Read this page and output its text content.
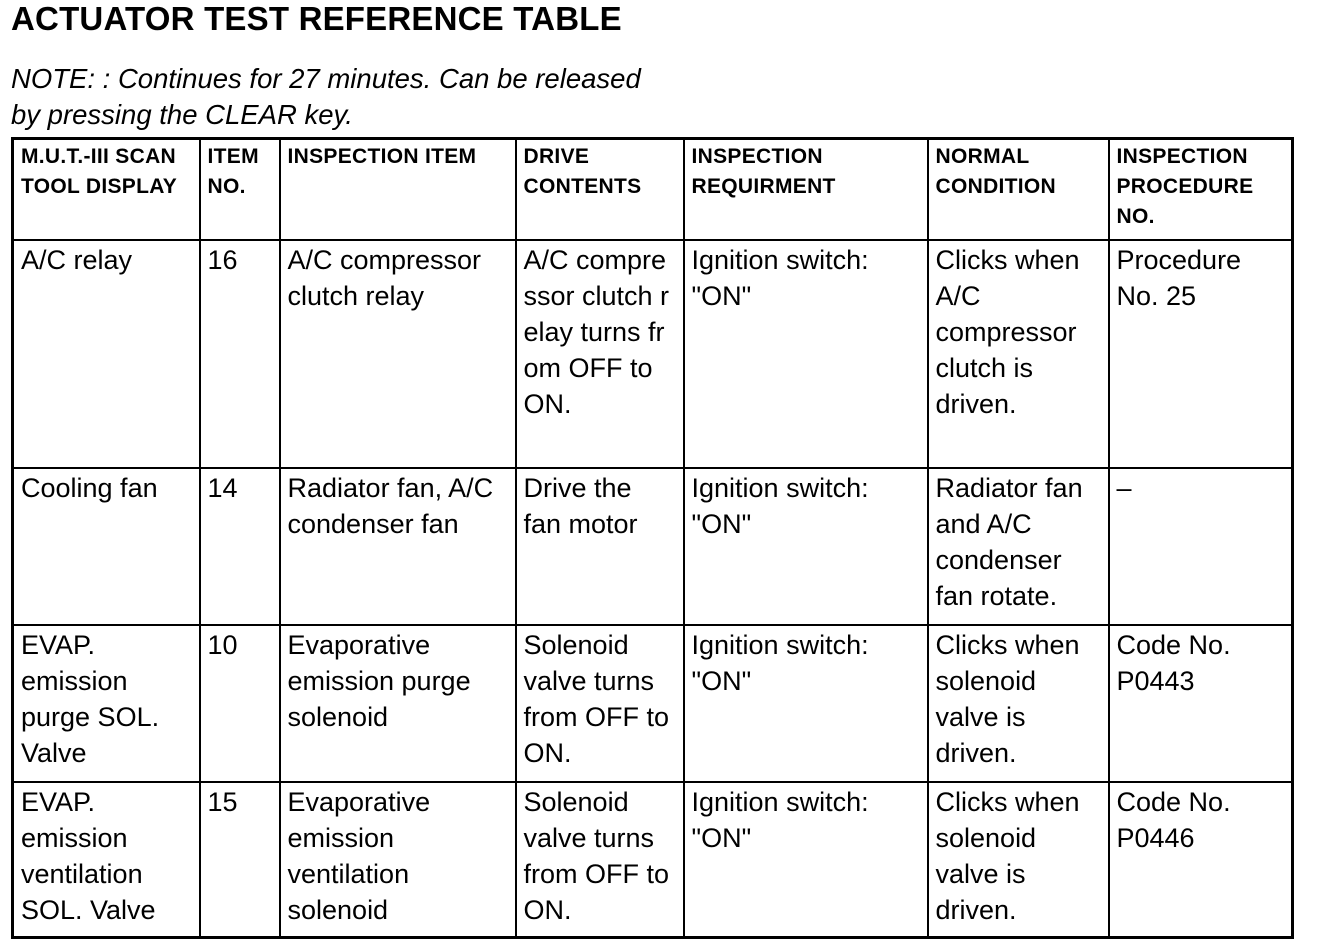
ACTUATOR TEST REFERENCE TABLE
NOTE: : Continues for 27 minutes. Can be released
by pressing the CLEAR key.
M.U.T.-III SCAN TOOL DISPLAY	ITEM NO.	INSPECTION ITEM	DRIVE CONTENTS	INSPECTION REQUIRMENT	NORMAL CONDITION	INSPECTION PROCEDURE NO.
A/C relay	16	A/C compressor clutch relay	A/C compressor clutch relay turns from OFF to ON.	Ignition switch: "ON"	Clicks when A/C compressor clutch is driven.	Procedure No. 25
Cooling fan	14	Radiator fan, A/C condenser fan	Drive the fan motor	Ignition switch: "ON"	Radiator fan and A/C condenser fan rotate.	–
EVAP. emission purge SOL. Valve	10	Evaporative emission purge solenoid	Solenoid valve turns from OFF to ON.	Ignition switch: "ON"	Clicks when solenoid valve is driven.	Code No. P0443
EVAP. emission ventilation SOL. Valve	15	Evaporative emission ventilation solenoid	Solenoid valve turns from OFF to ON.	Ignition switch: "ON"	Clicks when solenoid valve is driven.	Code No. P0446
